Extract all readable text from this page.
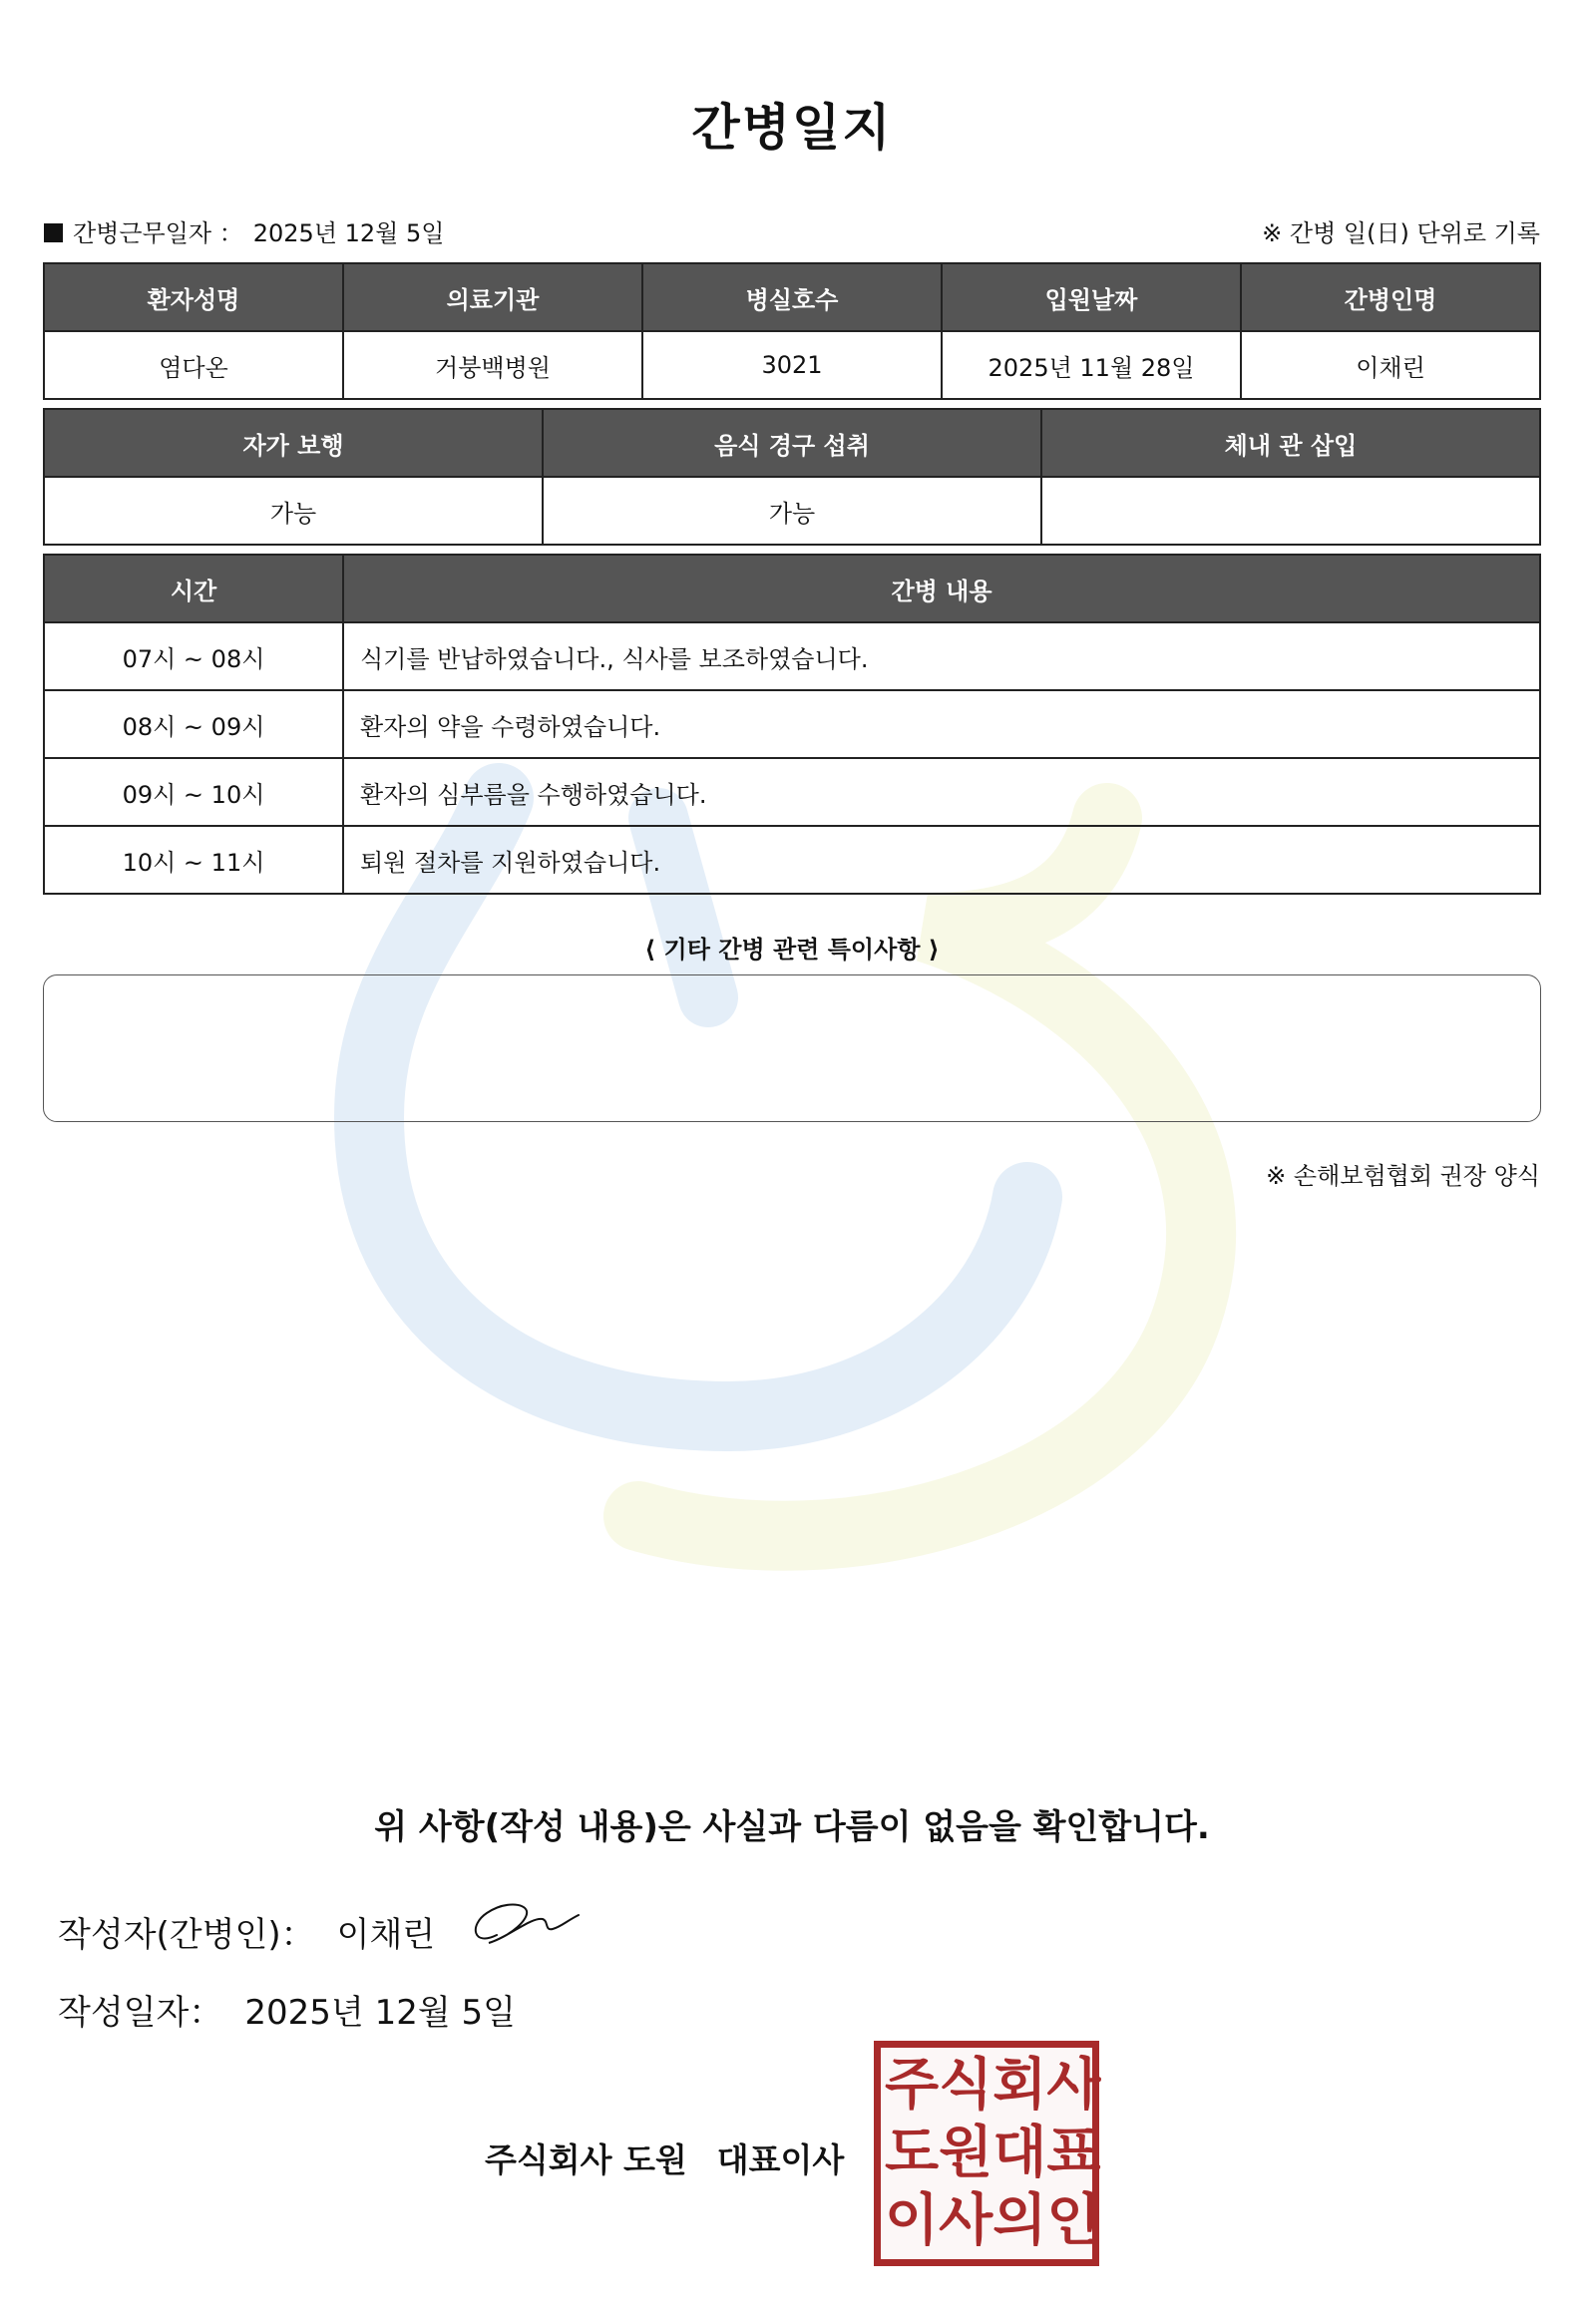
간병일지
간병근무일자 ： 2025년 12월 5일	※ 간병 일(日) 단위로 기록
환자성명	의료기관	병실호수	입원날짜	간병인명
염다온	거붕백병원	3021	2025년 11월 28일	이채린
자가 보행	음식 경구 섭취	체내 관 삽입
가능	가능	
시간	간병 내용
07시 ~ 08시	식기를 반납하였습니다., 식사를 보조하였습니다.
08시 ~ 09시	환자의 약을 수령하였습니다.
09시 ~ 10시	환자의 심부름을 수행하였습니다.
10시 ~ 11시	퇴원 절차를 지원하였습니다.
⟨ 기타 간병 관련 특이사항 ⟩
※ 손해보험협회 권장 양식
위 사항(작성 내용)은 사실과 다름이 없음을 확인합니다.
작성자(간병인)： 이채린
작성일자： 2025년 12월 5일
주식회사 도원 대표이사
주 식 회 사
도 원 대 표
이 사 의 인
